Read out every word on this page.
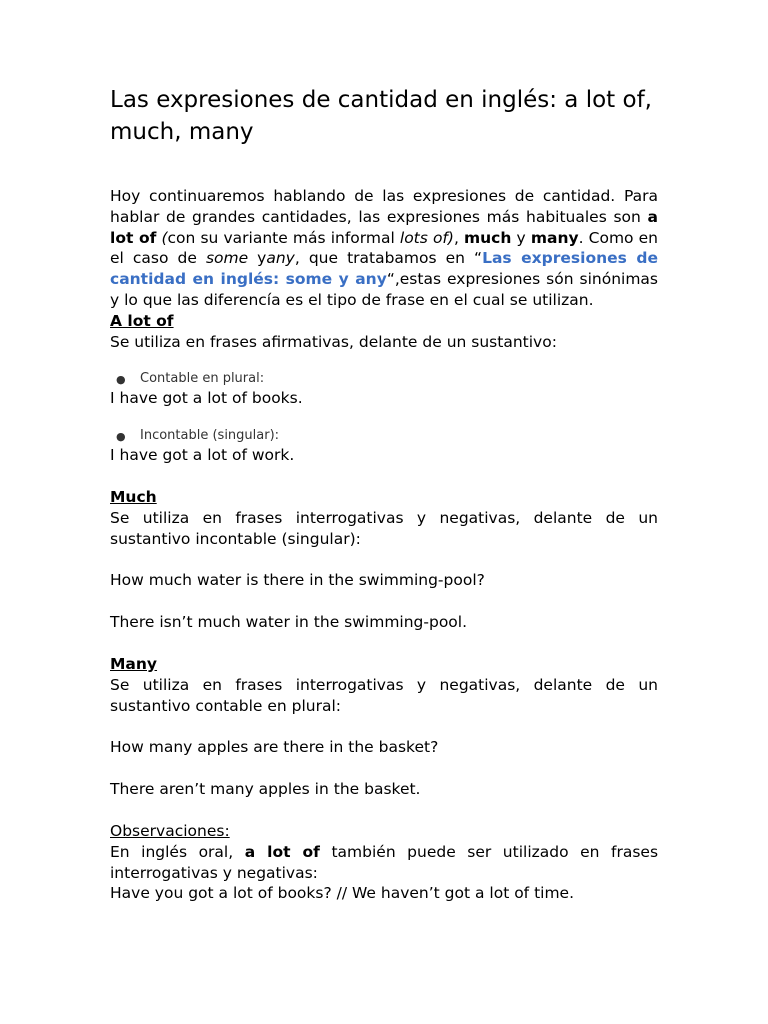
Las expresiones de cantidad en inglés: a lot of, much, many

Hoy continuaremos hablando de las expresiones de cantidad. Para hablar de grandes cantidades, las expresiones más habituales son a lot of (con su variante más informal lots of), much y many. Como en el caso de some yany, que tratabamos en “Las expresiones de cantidad en inglés: some y any“,estas expresiones són sinónimas y lo que las diferencía es el tipo de frase en el cual se utilizan.

A lot of

Se utiliza en frases afirmativas, delante de un sustantivo:

● Contable en plural:

I have got a lot of books.

● Incontable (singular):

I have got a lot of work.

Much

Se utiliza en frases interrogativas y negativas, delante de un sustantivo incontable (singular):

How much water is there in the swimming-pool?

There isn’t much water in the swimming-pool.

Many

Se utiliza en frases interrogativas y negativas, delante de un sustantivo contable en plural:

How many apples are there in the basket?

There aren’t many apples in the basket.

Observaciones:

En inglés oral, a lot of también puede ser utilizado en frases interrogativas y negativas:

Have you got a lot of books? // We haven’t got a lot of time.
